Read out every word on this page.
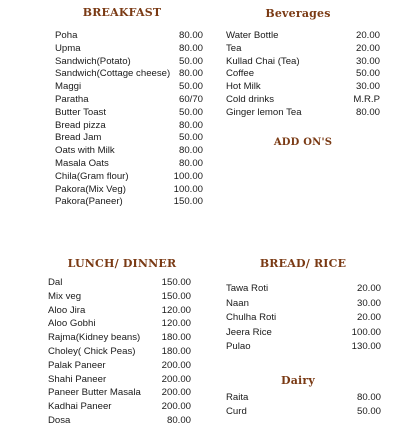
BREAKFAST
Poha	80.00
Upma	80.00
Sandwich(Potato)	50.00
Sandwich(Cottage cheese) 80.00
Maggi	50.00
Paratha	60/70
Butter Toast	50.00
Bread pizza	80.00
Bread Jam	50.00
Oats with Milk	80.00
Masala Oats	80.00
Chila(Gram flour)	100.00
Pakora(Mix Veg)	100.00
Pakora(Paneer)	150.00
Beverages
Water Bottle	20.00
Tea	20.00
Kullad Chai (Tea)	30.00
Coffee	50.00
Hot Milk	30.00
Cold drinks	M.R.P
Ginger lemon Tea	80.00
ADD ON'S
LUNCH/ DINNER
Dal	150.00
Mix veg	150.00
Aloo Jira	120.00
Aloo Gobhi	120.00
Rajma(Kidney beans) 180.00
Choley( Chick Peas)	180.00
Palak Paneer	200.00
Shahi Paneer	200.00
Paneer Butter Masala 200.00
Kadhai Paneer	200.00
Dosa	80.00
BREAD/ RICE
Tawa Roti	20.00
Naan	30.00
Chulha Roti	20.00
Jeera Rice	100.00
Pulao	130.00
Dairy
Raita	80.00
Curd	50.00
